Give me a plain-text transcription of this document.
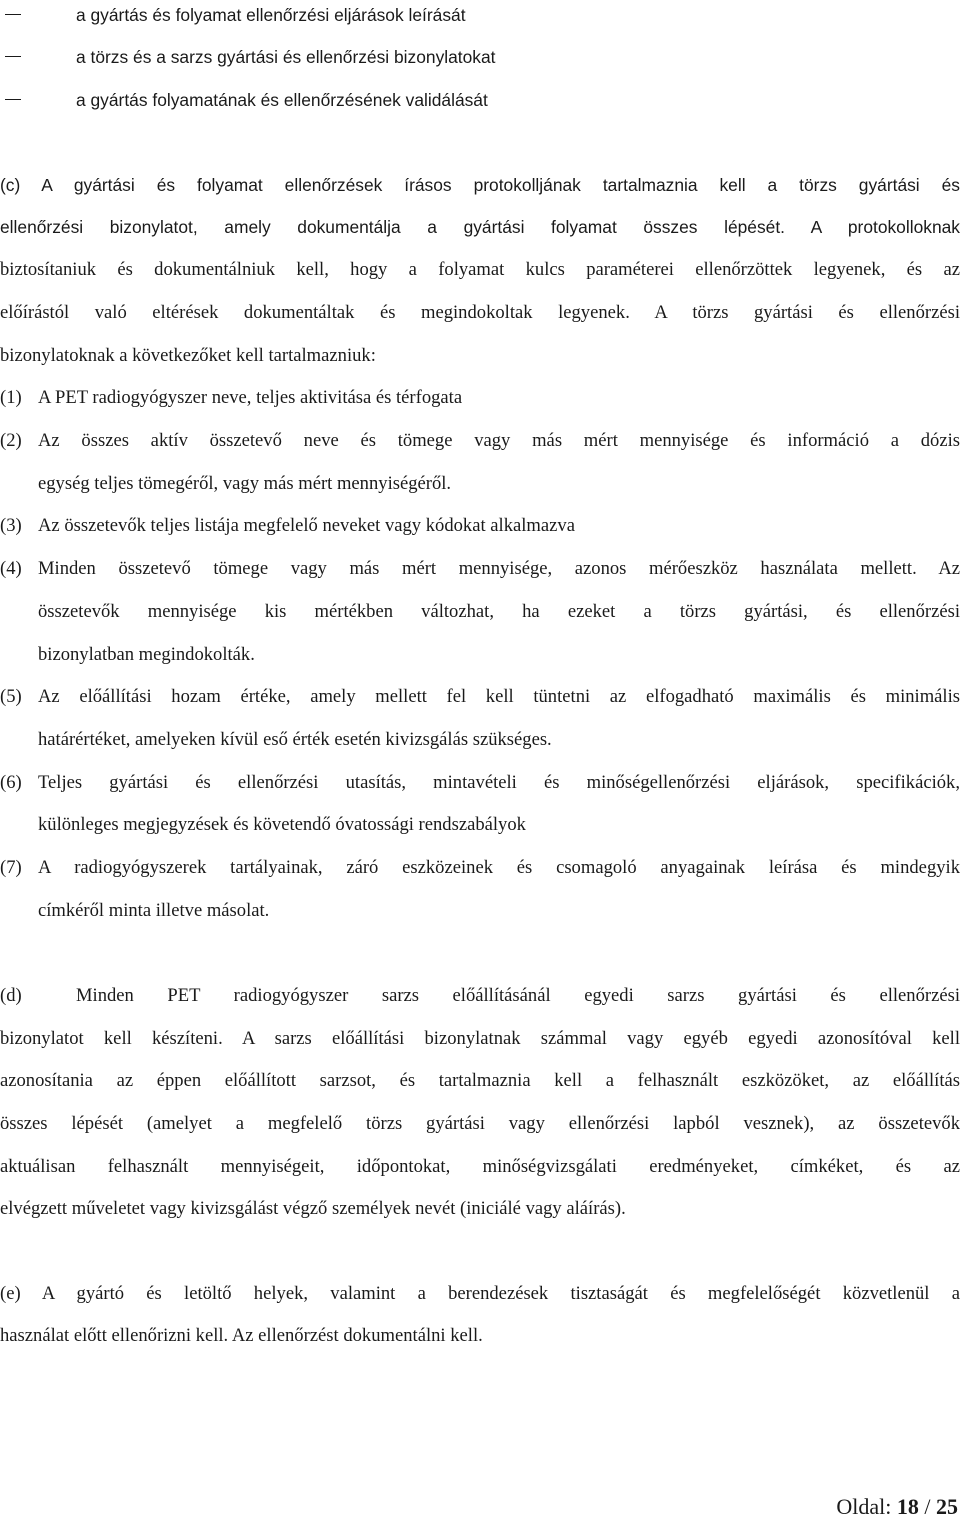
a gyártás és folyamat ellenőrzési eljárások leírását
a törzs és a sarzs gyártási és ellenőrzési bizonylatokat
a gyártás folyamatának és ellenőrzésének validálását
(c) A gyártási és folyamat ellenőrzések írásos protokolljának tartalmaznia kell a törzs gyártási és
ellenőrzési bizonylatot, amely dokumentálja a gyártási folyamat összes lépését. A protokolloknak
biztosítaniuk és dokumentálniuk kell, hogy a folyamat kulcs paraméterei ellenőrzöttek legyenek, és az
előírástól való eltérések dokumentáltak és megindokoltak legyenek. A törzs gyártási és ellenőrzési
bizonylatoknak a következőket kell tartalmazniuk:
(1) A PET radiogyógyszer neve, teljes aktivitása és térfogata
(2) Az összes aktív összetevő neve és tömege vagy más mért mennyisége és információ a dózis
egység teljes tömegéről, vagy más mért mennyiségéről.
(3) Az összetevők teljes listája megfelelő neveket vagy kódokat alkalmazva
(4) Minden összetevő tömege vagy más mért mennyisége, azonos mérőeszköz használata mellett. Az
összetevők mennyisége kis mértékben változhat, ha ezeket a törzs gyártási, és ellenőrzési
bizonylatban megindokolták.
(5) Az előállítási hozam értéke, amely mellett fel kell tüntetni az elfogadható maximális és minimális
határértéket, amelyeken kívül eső érték esetén kivizsgálás szükséges.
(6) Teljes gyártási és ellenőrzési utasítás, mintavételi és minőségellenőrzési eljárások, specifikációk,
különleges megjegyzések és követendő óvatossági rendszabályok
(7) A radiogyógyszerek tartályainak, záró eszközeinek és csomagoló anyagainak leírása és mindegyik
címkéről minta illetve másolat.
(d)	Minden PET radiogyógyszer sarzs előállításánál egyedi sarzs gyártási és ellenőrzési
bizonylatot kell készíteni. A sarzs előállítási bizonylatnak számmal vagy egyéb egyedi azonosítóval kell
azonosítania az éppen előállított sarzsot, és tartalmaznia kell a felhasznált eszközöket, az előállítás
összes lépését (amelyet a megfelelő törzs gyártási vagy ellenőrzési lapból vesznek), az összetevők
aktuálisan felhasznált mennyiségeit, időpontokat, minőségvizsgálati eredményeket, címkéket, és az
elvégzett műveletet vagy kivizsgálást végző személyek nevét (iniciálé vagy aláírás).
(e) A gyártó és letöltő helyek, valamint a berendezések tisztaságát és megfelelőségét közvetlenül a
használat előtt ellenőrizni kell. Az ellenőrzést dokumentálni kell.
Oldal: 18 / 25
